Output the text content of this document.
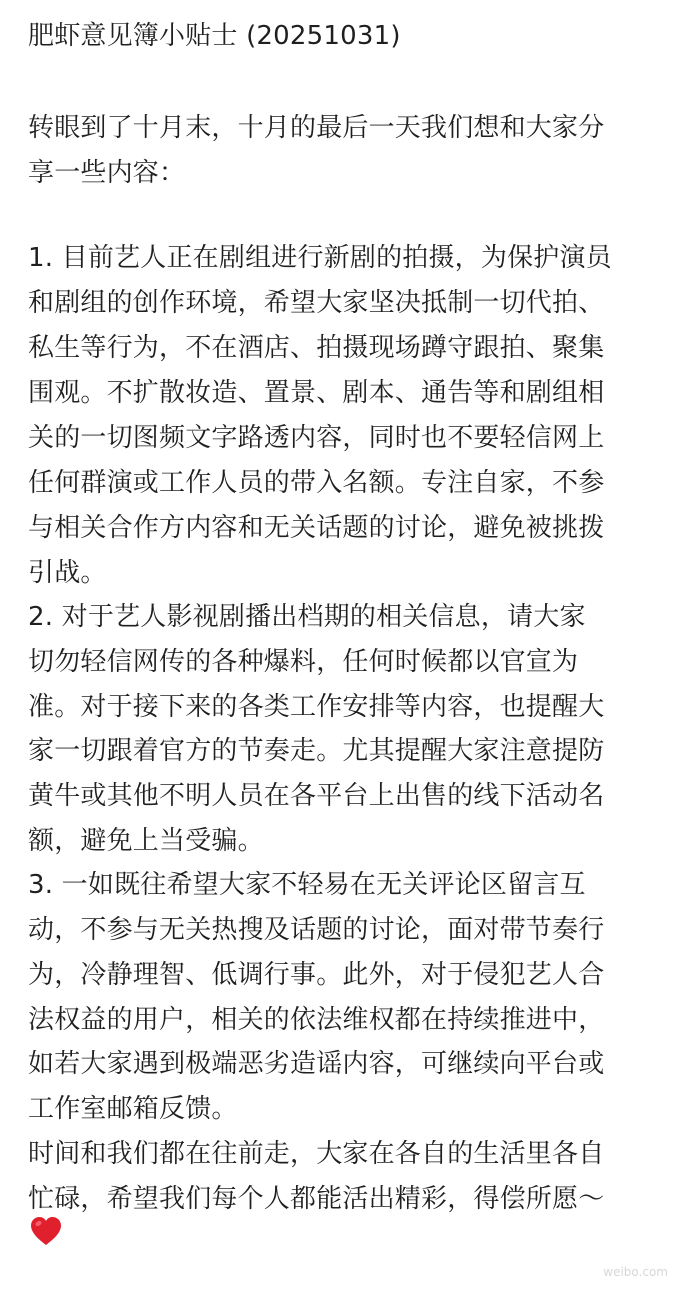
肥虾意见簿小贴士 (20251031)
转眼到了十月末，十月的最后一天我们想和大家分
享一些内容：
1. 目前艺人正在剧组进行新剧的拍摄，为保护演员
和剧组的创作环境，希望大家坚决抵制一切代拍、
私生等行为，不在酒店、拍摄现场蹲守跟拍、聚集
围观。不扩散妆造、置景、剧本、通告等和剧组相
关的一切图频文字路透内容，同时也不要轻信网上
任何群演或工作人员的带入名额。专注自家，不参
与相关合作方内容和无关话题的讨论，避免被挑拨
引战。
2. 对于艺人影视剧播出档期的相关信息，请大家
切勿轻信网传的各种爆料，任何时候都以官宣为
准。对于接下来的各类工作安排等内容，也提醒大
家一切跟着官方的节奏走。尤其提醒大家注意提防
黄牛或其他不明人员在各平台上出售的线下活动名
额，避免上当受骗。
3. 一如既往希望大家不轻易在无关评论区留言互
动，不参与无关热搜及话题的讨论，面对带节奏行
为，冷静理智、低调行事。此外，对于侵犯艺人合
法权益的用户，相关的依法维权都在持续推进中，
如若大家遇到极端恶劣造谣内容，可继续向平台或
工作室邮箱反馈。
时间和我们都在往前走，大家在各自的生活里各自
忙碌，希望我们每个人都能活出精彩，得偿所愿～
weibo.com
